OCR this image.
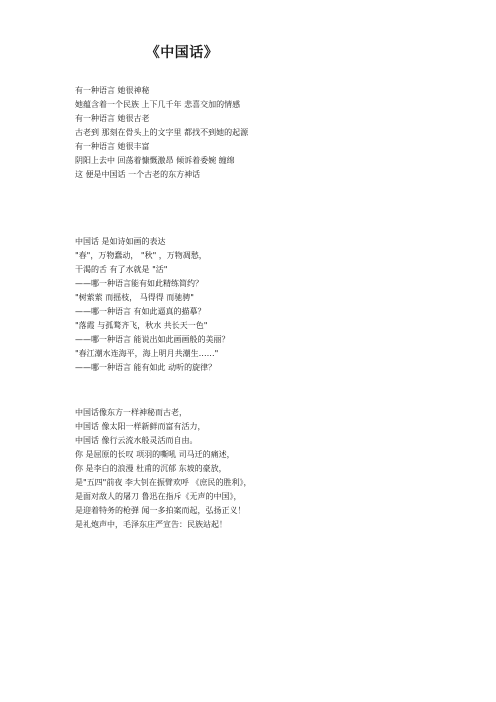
《中国话》
有一种语言 她很神秘
她蕴含着一个民族 上下几千年 悲喜交加的情感
有一种语言 她很古老
古老到 那刻在骨头上的文字里 都找不到她的起源
有一种语言 她很丰富
阴阳上去中 回荡着慷慨激昂 倾诉着委婉 缠绵
这 便是中国话 一个古老的东方神话
中国话 是如诗如画的表达
"春"，万物蠢动， "秋" ，万物凋愁，
干渴的舌 有了水就是 "活"
——哪一种语言能有如此精练简约？
"树萦萦 而摇枝， 马得得 而驰骋"
——哪一种语言 有如此逼真的描摹？
"落霞 与孤鹜齐飞，秋水 共长天一色"
——哪一种语言 能说出如此画画般的美丽？
"春江潮水连海平，海上明月共潮生……"
——哪一种语言 能有如此 动听的旋律？
中国话像东方一样神秘而古老，
中国话 像太阳一样新鲜而富有活力，
中国话 像行云流水般灵活而自由。
你 是屈原的长叹 项羽的嘶吼 司马迁的痛述，
你 是李白的浪漫 杜甫的沉郁 东坡的豪放，
是"五四"前夜 李大钊在振臂欢呼 《庶民的胜利》，
是面对敌人的屠刀 鲁迅在指斥《无声的中国》，
是迎着特务的枪弹 闻一多拍案而起，弘扬正义！
是礼炮声中，毛泽东庄严宣告：民族站起！
